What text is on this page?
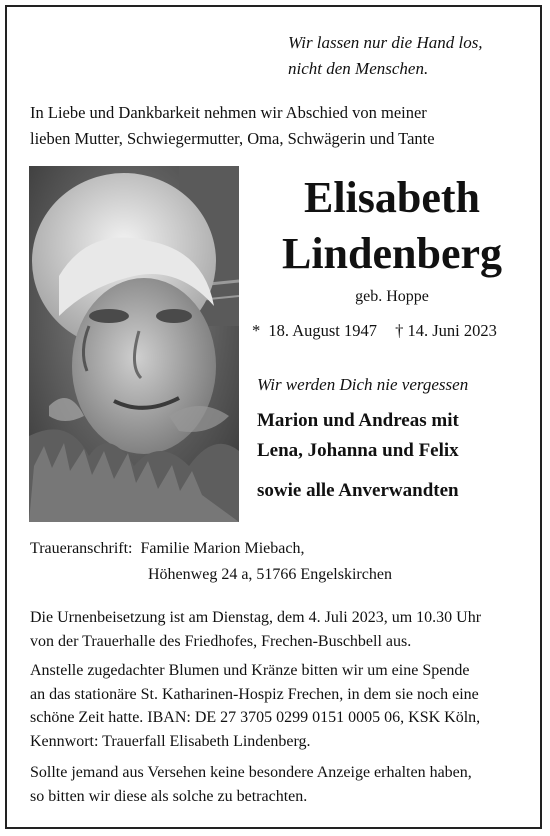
Wir lassen nur die Hand los,
nicht den Menschen.
In Liebe und Dankbarkeit nehmen wir Abschied von meiner
lieben Mutter, Schwiegermutter, Oma, Schwägerin und Tante
Elisabeth
Lindenberg
geb. Hoppe
* 18. August 1947 † 14. Juni 2023
Wir werden Dich nie vergessen
Marion und Andreas mit
Lena, Johanna und Felix
sowie alle Anverwandten
Traueranschrift: Familie Marion Miebach,
Höhenweg 24 a, 51766 Engelskirchen
Die Urnenbeisetzung ist am Dienstag, dem 4. Juli 2023, um 10.30 Uhr
von der Trauerhalle des Friedhofes, Frechen-Buschbell aus.
Anstelle zugedachter Blumen und Kränze bitten wir um eine Spende
an das stationäre St. Katharinen-Hospiz Frechen, in dem sie noch eine
schöne Zeit hatte. IBAN: DE 27 3705 0299 0151 0005 06, KSK Köln,
Kennwort: Trauerfall Elisabeth Lindenberg.
Sollte jemand aus Versehen keine besondere Anzeige erhalten haben,
so bitten wir diese als solche zu betrachten.
